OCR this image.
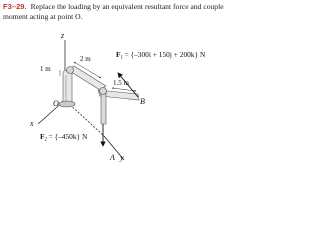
F3–29. Replace the loading by an equivalent resultant force and couple moment acting at point O.
z
x
y
O
A
B
1 m
2 m
1.5 m
$F_1 = \{-300i + 150j + 200k\}$ N
$F_2 = \{-450k\}$ N
